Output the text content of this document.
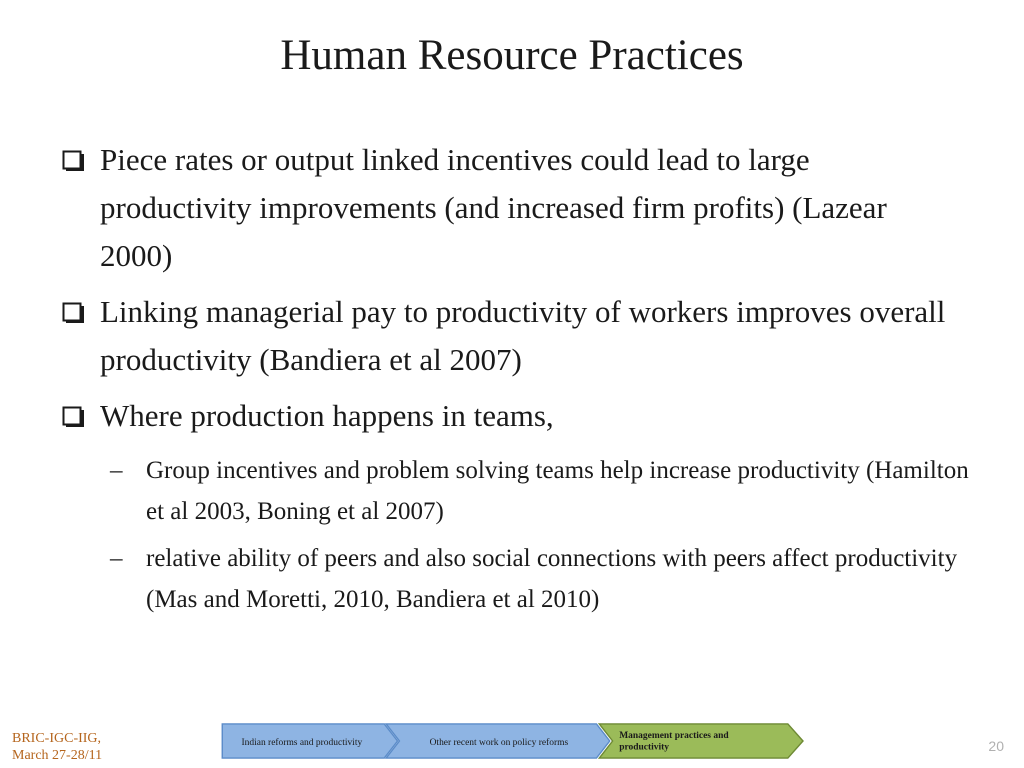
Human Resource Practices
Piece rates or output linked incentives could lead to large productivity improvements (and increased firm profits) (Lazear 2000)
Linking managerial pay to productivity of workers improves overall productivity (Bandiera et al 2007)
Where production happens in teams,
– Group incentives and problem solving teams help increase productivity (Hamilton et al 2003, Boning et al 2007)
– relative ability of peers and also social connections with peers affect productivity (Mas and Moretti, 2010, Bandiera et al 2010)
BRIC-IGC-IIG,
March 27-28/11
Indian reforms and productivity	Other recent work on policy reforms
Management practices and
productivity	20
